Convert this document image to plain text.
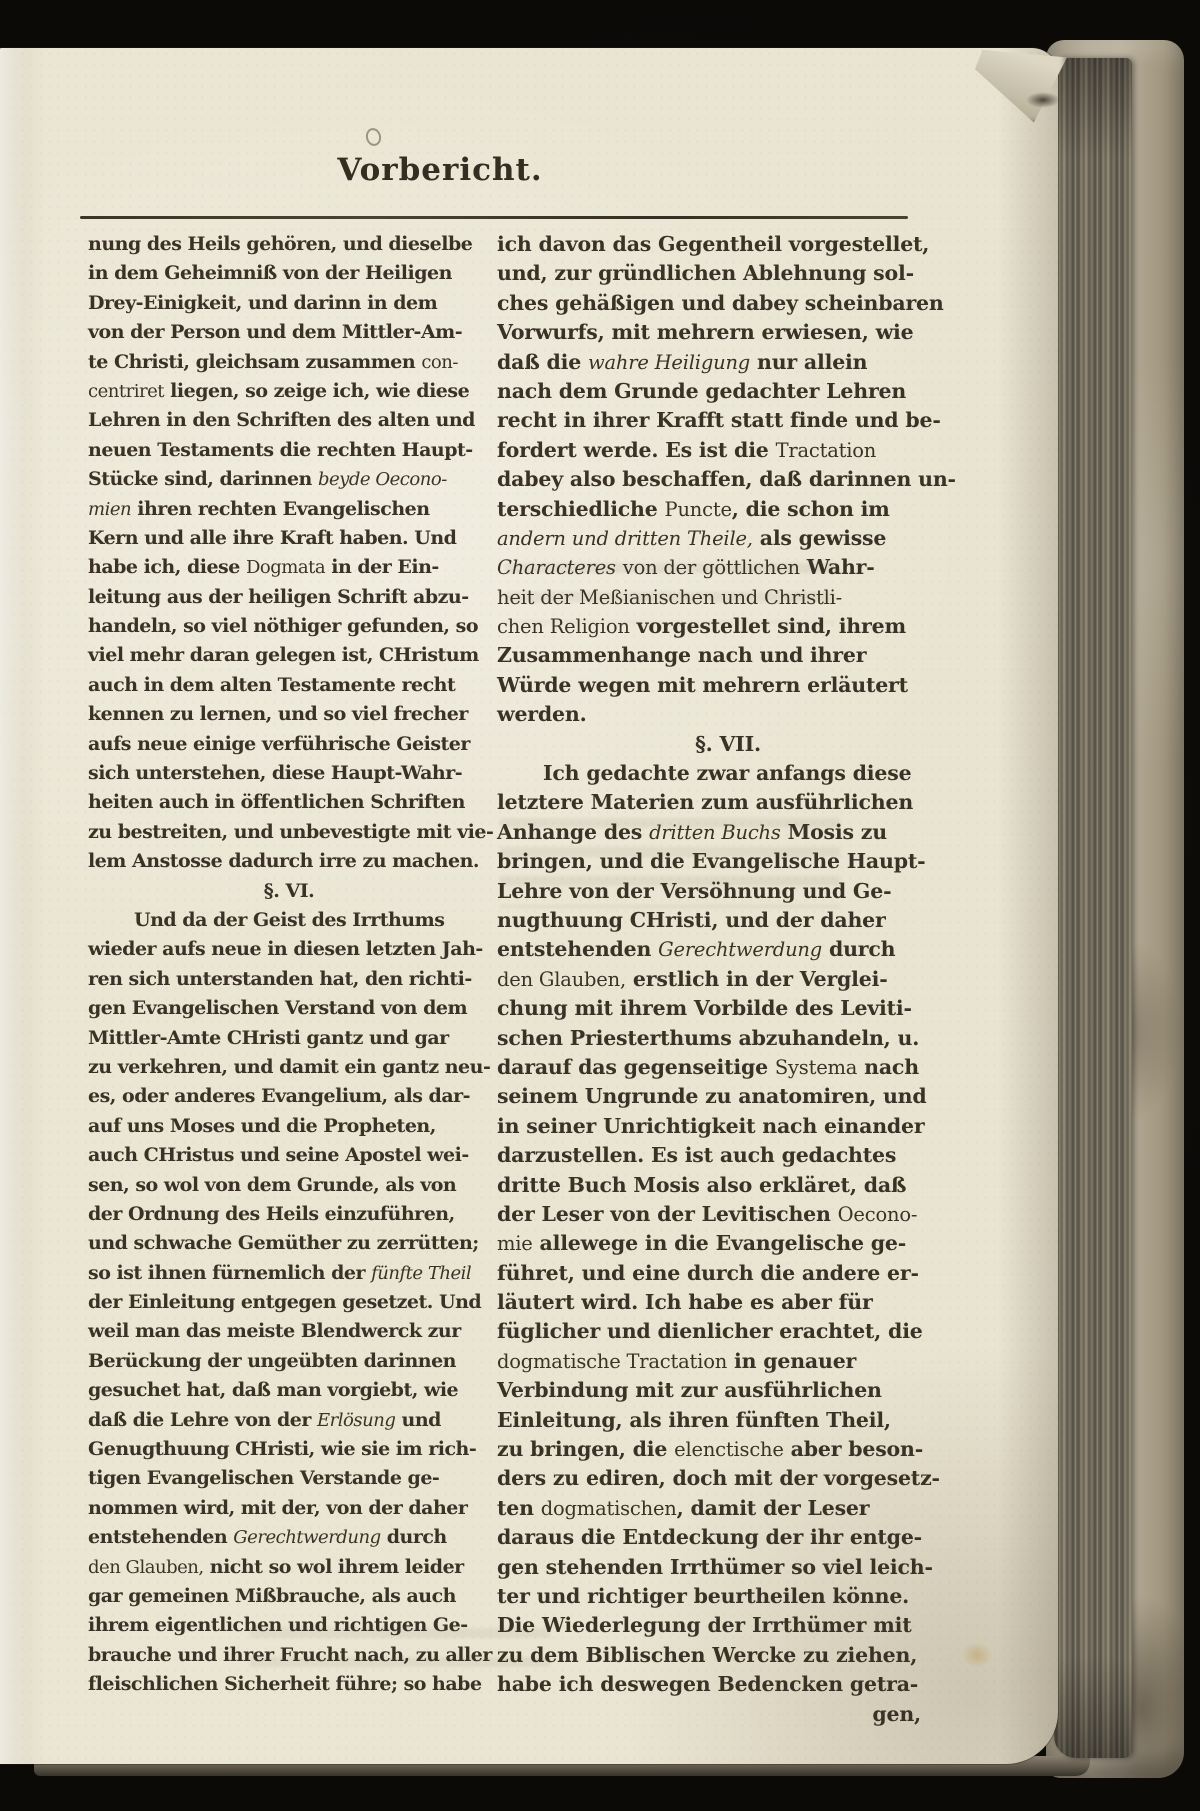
Vorbericht.
nung des Heils gehören, und dieselbe
in dem Geheimniß von der Heiligen
Drey-Einigkeit, und darinn in dem
von der Person und dem Mittler-Am-
te Christi, gleichsam zusammen con-
centriret liegen, so zeige ich, wie diese
Lehren in den Schriften des alten und
neuen Testaments die rechten Haupt-
Stücke sind, darinnen beyde Oecono-
mien ihren rechten Evangelischen
Kern und alle ihre Kraft haben. Und
habe ich, diese Dogmata in der Ein-
leitung aus der heiligen Schrift abzu-
handeln, so viel nöthiger gefunden, so
viel mehr daran gelegen ist, CHristum
auch in dem alten Testamente recht
kennen zu lernen, und so viel frecher
aufs neue einige verführische Geister
sich unterstehen, diese Haupt-Wahr-
heiten auch in öffentlichen Schriften
zu bestreiten, und unbevestigte mit vie-
lem Anstosse dadurch irre zu machen.
§. VI.
Und da der Geist des Irrthums
wieder aufs neue in diesen letzten Jah-
ren sich unterstanden hat, den richti-
gen Evangelischen Verstand von dem
Mittler-Amte CHristi gantz und gar
zu verkehren, und damit ein gantz neu-
es, oder anderes Evangelium, als dar-
auf uns Moses und die Propheten,
auch CHristus und seine Apostel wei-
sen, so wol von dem Grunde, als von
der Ordnung des Heils einzuführen,
und schwache Gemüther zu zerrütten;
so ist ihnen fürnemlich der fünfte Theil
der Einleitung entgegen gesetzet. Und
weil man das meiste Blendwerck zur
Berückung der ungeübten darinnen
gesuchet hat, daß man vorgiebt, wie
daß die Lehre von der Erlösung und
Genugthuung CHristi, wie sie im rich-
tigen Evangelischen Verstande ge-
nommen wird, mit der, von der daher
entstehenden Gerechtwerdung durch
den Glauben, nicht so wol ihrem leider
gar gemeinen Mißbrauche, als auch
ihrem eigentlichen und richtigen Ge-
brauche und ihrer Frucht nach, zu aller
fleischlichen Sicherheit führe; so habe
ich davon das Gegentheil vorgestellet,
und, zur gründlichen Ablehnung sol-
ches gehäßigen und dabey scheinbaren
Vorwurfs, mit mehrern erwiesen, wie
daß die wahre Heiligung nur allein
nach dem Grunde gedachter Lehren
recht in ihrer Krafft statt finde und be-
fordert werde. Es ist die Tractation
dabey also beschaffen, daß darinnen un-
terschiedliche Puncte, die schon im
andern und dritten Theile, als gewisse
Characteres von der göttlichen Wahr-
heit der Meßianischen und Christli-
chen Religion vorgestellet sind, ihrem
Zusammenhange nach und ihrer
Würde wegen mit mehrern erläutert
werden.
§. VII.
Ich gedachte zwar anfangs diese
letztere Materien zum ausführlichen
Anhange des dritten Buchs Mosis zu
bringen, und die Evangelische Haupt-
Lehre von der Versöhnung und Ge-
nugthuung CHristi, und der daher
entstehenden Gerechtwerdung durch
den Glauben, erstlich in der Verglei-
chung mit ihrem Vorbilde des Leviti-
schen Priesterthums abzuhandeln, u.
darauf das gegenseitige Systema nach
seinem Ungrunde zu anatomiren, und
in seiner Unrichtigkeit nach einander
darzustellen. Es ist auch gedachtes
dritte Buch Mosis also erkläret, daß
der Leser von der Levitischen Oecono-
mie allewege in die Evangelische ge-
führet, und eine durch die andere er-
läutert wird. Ich habe es aber für
füglicher und dienlicher erachtet, die
dogmatische Tractation in genauer
Verbindung mit zur ausführlichen
Einleitung, als ihren fünften Theil,
zu bringen, die elenctische aber beson-
ders zu ediren, doch mit der vorgesetz-
ten dogmatischen, damit der Leser
daraus die Entdeckung der ihr entge-
gen stehenden Irrthümer so viel leich-
ter und richtiger beurtheilen könne.
Die Wiederlegung der Irrthümer mit
zu dem Biblischen Wercke zu ziehen,
habe ich deswegen Bedencken getra-
gen,
